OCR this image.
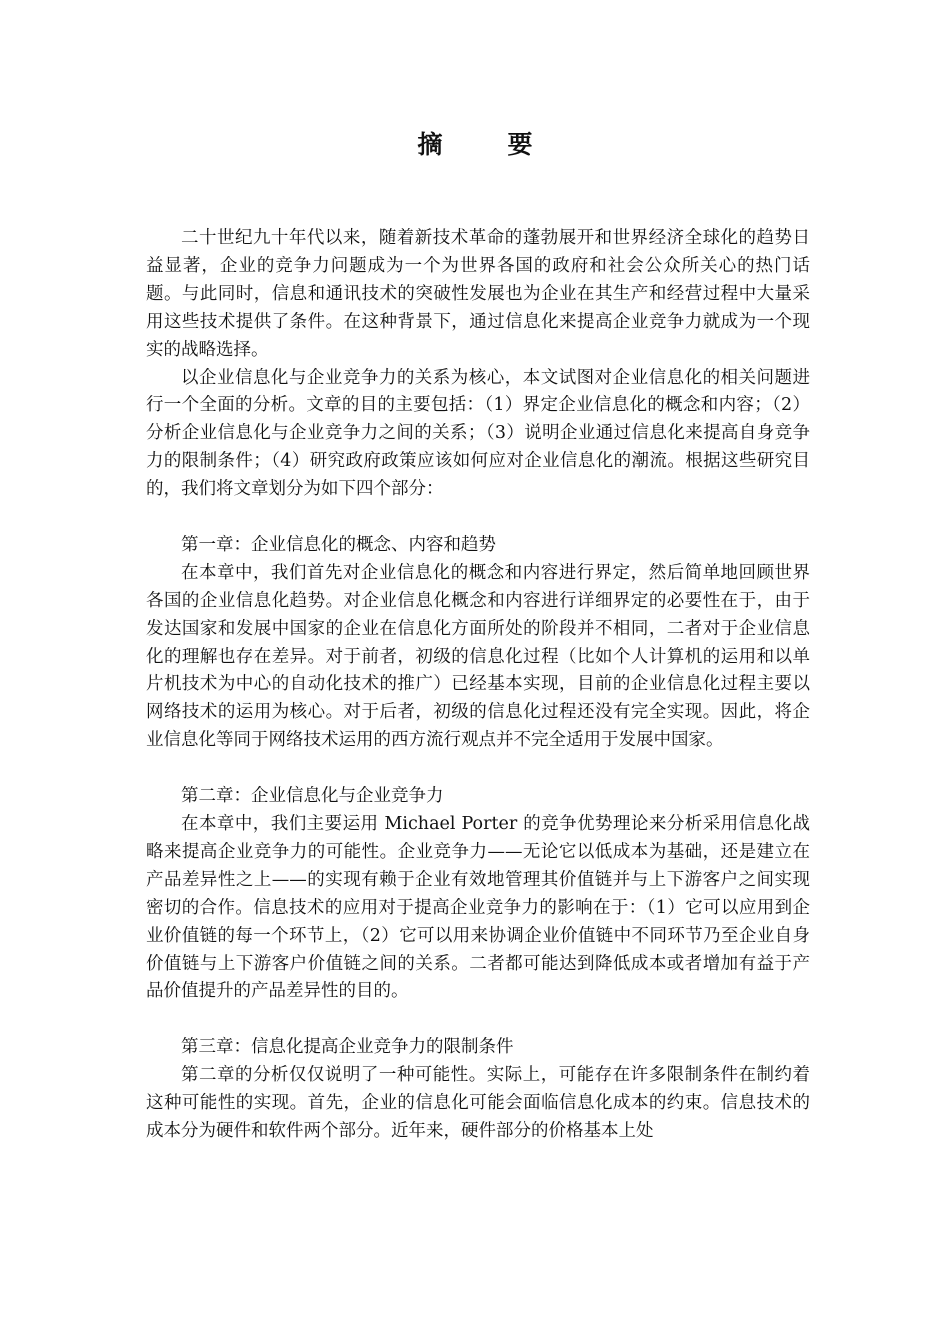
摘　要

二十世纪九十年代以来，随着新技术革命的蓬勃展开和世界经济全球化的趋势日益显著，企业的竞争力问题成为一个为世界各国的政府和社会公众所关心的热门话题。与此同时，信息和通讯技术的突破性发展也为企业在其生产和经营过程中大量采用这些技术提供了条件。在这种背景下，通过信息化来提高企业竞争力就成为一个现实的战略选择。

以企业信息化与企业竞争力的关系为核心，本文试图对企业信息化的相关问题进行一个全面的分析。文章的目的主要包括：（1）界定企业信息化的概念和内容；（2）分析企业信息化与企业竞争力之间的关系；（3）说明企业通过信息化来提高自身竞争力的限制条件；（4）研究政府政策应该如何应对企业信息化的潮流。根据这些研究目的，我们将文章划分为如下四个部分：

第一章：企业信息化的概念、内容和趋势

在本章中，我们首先对企业信息化的概念和内容进行界定，然后简单地回顾世界各国的企业信息化趋势。对企业信息化概念和内容进行详细界定的必要性在于，由于发达国家和发展中国家的企业在信息化方面所处的阶段并不相同，二者对于企业信息化的理解也存在差异。对于前者，初级的信息化过程（比如个人计算机的运用和以单片机技术为中心的自动化技术的推广）已经基本实现，目前的企业信息化过程主要以网络技术的运用为核心。对于后者，初级的信息化过程还没有完全实现。因此，将企业信息化等同于网络技术运用的西方流行观点并不完全适用于发展中国家。

第二章：企业信息化与企业竞争力

在本章中，我们主要运用 Michael Porter 的竞争优势理论来分析采用信息化战略来提高企业竞争力的可能性。企业竞争力——无论它以低成本为基础，还是建立在产品差异性之上——的实现有赖于企业有效地管理其价值链并与上下游客户之间实现密切的合作。信息技术的应用对于提高企业竞争力的影响在于：（1）它可以应用到企业价值链的每一个环节上，（2）它可以用来协调企业价值链中不同环节乃至企业自身价值链与上下游客户价值链之间的关系。二者都可能达到降低成本或者增加有益于产品价值提升的产品差异性的目的。

第三章：信息化提高企业竞争力的限制条件

第二章的分析仅仅说明了一种可能性。实际上，可能存在许多限制条件在制约着这种可能性的实现。首先，企业的信息化可能会面临信息化成本的约束。信息技术的成本分为硬件和软件两个部分。近年来，硬件部分的价格基本上处
